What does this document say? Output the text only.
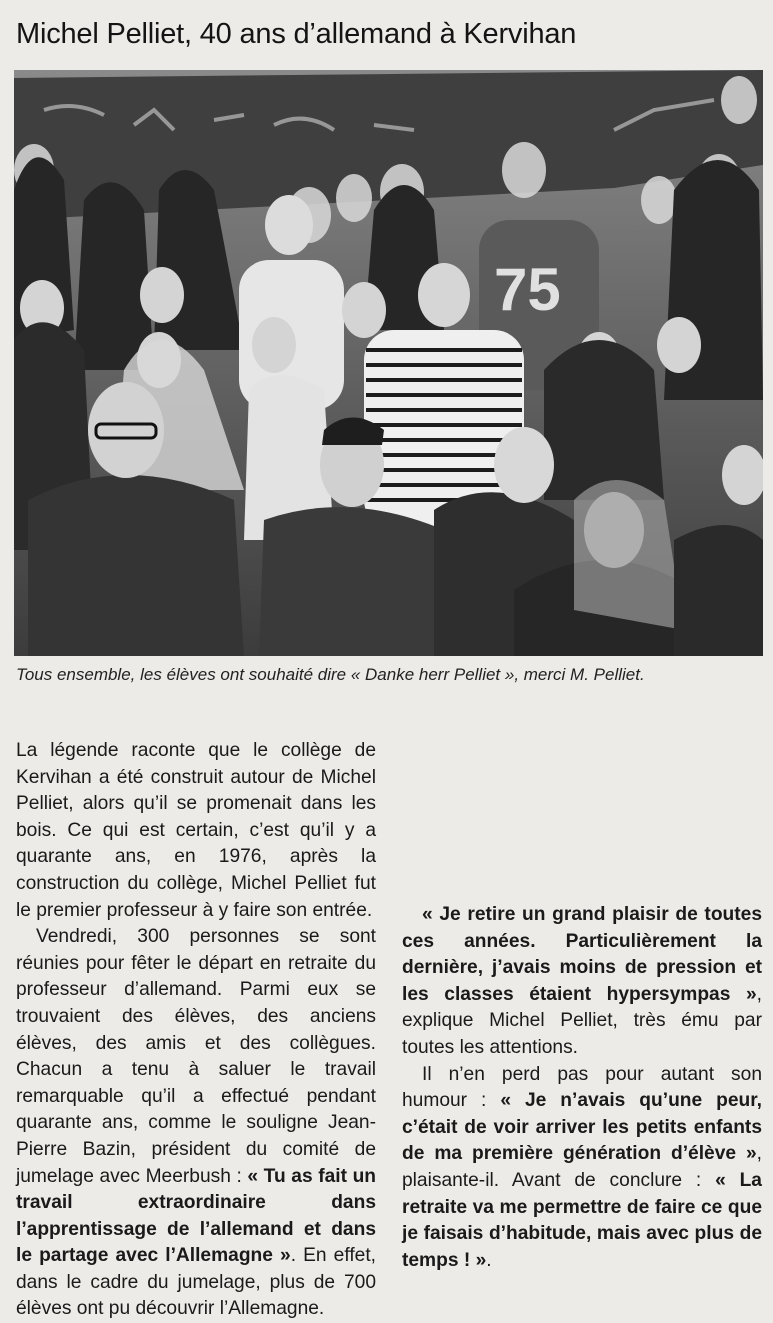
Michel Pelliet, 40 ans d’allemand à Kervihan
75

Tous ensemble, les élèves ont souhaité dire « Danke herr Pelliet », merci M. Pelliet.

La légende raconte que le collège de Kervihan a été construit autour de Michel Pelliet, alors qu’il se promenait dans les bois. Ce qui est certain, c’est qu’il y a quarante ans, en 1976, après la construction du collège, Michel Pelliet fut le premier professeur à y faire son entrée.

Vendredi, 300 personnes se sont réunies pour fêter le départ en retraite du professeur d’allemand. Parmi eux se trouvaient des élèves, des anciens élèves, des amis et des collègues. Chacun a tenu à saluer le travail remarquable qu’il a effectué pendant quarante ans, comme le souligne Jean-Pierre Bazin, président du comité de jumelage avec Meerbush : « Tu as fait un travail extraordinaire dans l’apprentissage de l’allemand et dans le partage avec l’Allemagne ». En effet, dans le cadre du jumelage, plus de 700 élèves ont pu découvrir l’Allemagne.

« Je retire un grand plaisir de toutes ces années. Particulièrement la dernière, j’avais moins de pression et les classes étaient hypersympas », explique Michel Pelliet, très ému par toutes les attentions.

Il n’en perd pas pour autant son humour : « Je n’avais qu’une peur, c’était de voir arriver les petits enfants de ma première génération d’élève », plaisante-il. Avant de conclure : « La retraite va me permettre de faire ce que je faisais d’habitude, mais avec plus de temps ! ».
